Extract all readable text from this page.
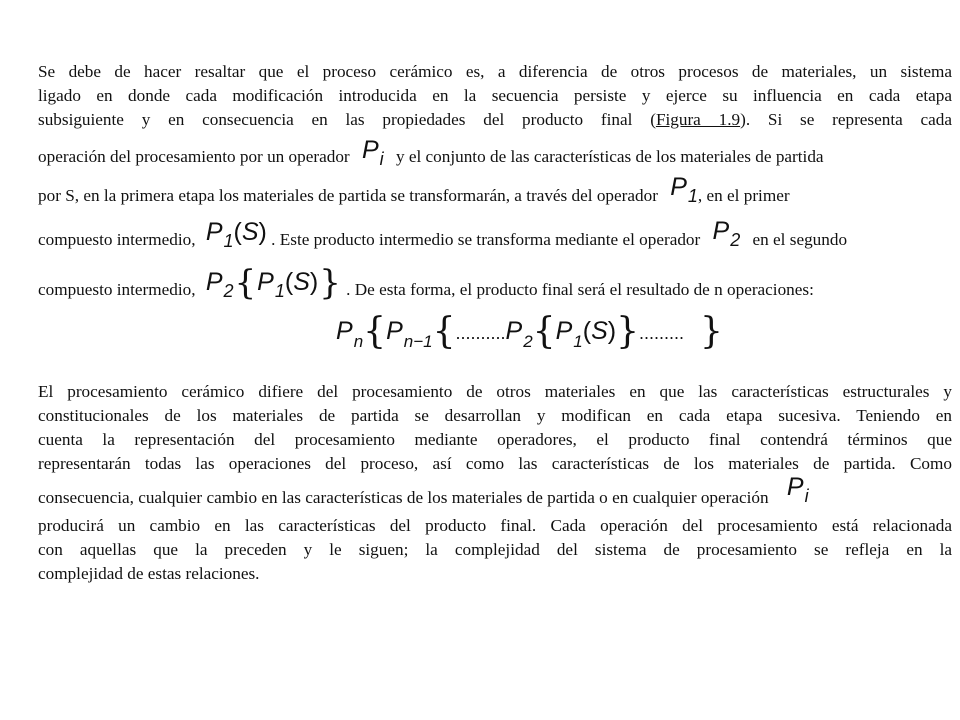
Se debe de hacer resaltar que el proceso cerámico es, a diferencia de otros procesos de materiales, un sistema
ligado en donde cada modificación introducida en la secuencia persiste y ejerce su influencia en cada etapa
subsiguiente y en consecuencia en las propiedades del producto final (Figura 1.9). Si se representa cada
operación del procesamiento por un operador Pi y el conjunto de las características de los materiales de partida
por S, en la primera etapa los materiales de partida se transformarán, a través del operador P1, en el primer
compuesto intermedio, P1(S) . Este producto intermedio se transforma mediante el operador P2 en el segundo
compuesto intermedio, P2{P1(S)} . De esta forma, el producto final será el resultado de n operaciones:
Pn{Pn−1{..........P2{P1(S)}......... }
El procesamiento cerámico difiere del procesamiento de otros materiales en que las características estructurales y
constitucionales de los materiales de partida se desarrollan y modifican en cada etapa sucesiva. Teniendo en
cuenta la representación del procesamiento mediante operadores, el producto final contendrá términos que
representarán todas las operaciones del proceso, así como las características de los materiales de partida. Como
consecuencia, cualquier cambio en las características de los materiales de partida o en cualquier operación Pi
producirá un cambio en las características del producto final. Cada operación del procesamiento está relacionada
con aquellas que la preceden y le siguen; la complejidad del sistema de procesamiento se refleja en la
complejidad de estas relaciones.
